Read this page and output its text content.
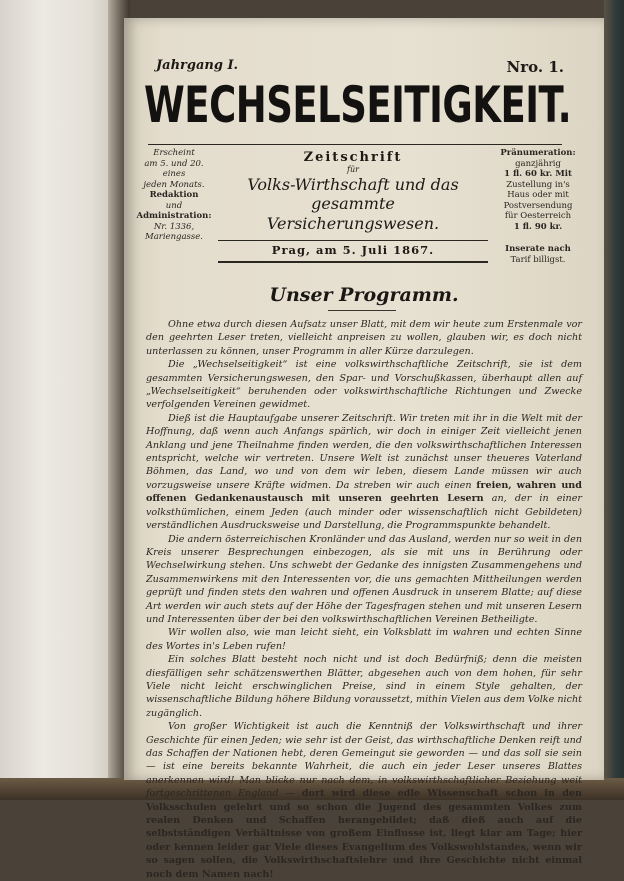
Jahrgang I.	Nro. 1.
WECHSELSEITIGKEIT.
Erscheint
am 5. und 20.
eines
jeden Monats.
Redaktion
und
Administration:
Nr. 1336,
Mariengasse.
Zeitschrift
für
Volks-Wirthschaft und das gesammte
Versicherungswesen.
Pränumeration:
ganzjährig
1 fl. 60 kr. Mit
Zustellung in's
Haus oder mit
Postversendung
für Oesterreich
1 fl. 90 kr.
Inserate nach
Tarif billigst.
Prag, am 5. Juli 1867.
Unser Programm.

Ohne etwa durch diesen Aufsatz unser Blatt, mit dem wir heute zum Erstenmale vor den geehrten Leser treten, vielleicht anpreisen zu wollen, glauben wir, es doch nicht unterlassen zu können, unser Programm in aller Kürze darzulegen.

Die „Wechselseitigkeit“ ist eine volkswirthschaftliche Zeitschrift, sie ist dem gesammten Versicherungswesen, den Spar- und Vorschußkassen, überhaupt allen auf „Wechselseitigkeit“ beruhenden oder volkswirthschaftliche Richtungen und Zwecke verfolgenden Vereinen gewidmet.

Dieß ist die Hauptaufgabe unserer Zeitschrift. Wir treten mit ihr in die Welt mit der Hoffnung, daß wenn auch Anfangs spärlich, wir doch in einiger Zeit vielleicht jenen Anklang und jene Theilnahme finden werden, die den volkswirthschaftlichen Interessen entspricht, welche wir vertreten. Unsere Welt ist zunächst unser theueres Vaterland Böhmen, das Land, wo und von dem wir leben, diesem Lande müssen wir auch vorzugsweise unsere Kräfte widmen. Da streben wir auch einen freien, wahren und offenen Gedankenaustausch mit unseren geehrten Lesern an, der in einer volksthümlichen, einem Jeden (auch minder oder wissenschaftlich nicht Gebildeten) verständlichen Ausdrucksweise und Darstellung, die Programmspunkte behandelt.

Die andern österreichischen Kronländer und das Ausland, werden nur so weit in den Kreis unserer Besprechungen einbezogen, als sie mit uns in Berührung oder Wechselwirkung stehen. Uns schwebt der Gedanke des innigsten Zusammengehens und Zusammenwirkens mit den Interessenten vor, die uns gemachten Mittheilungen werden geprüft und finden stets den wahren und offenen Ausdruck in unserem Blatte; auf diese Art werden wir auch stets auf der Höhe der Tagesfragen stehen und mit unseren Lesern und Interessenten über der bei den volkswirthschaftlichen Vereinen Betheiligte.

Wir wollen also, wie man leicht sieht, ein Volksblatt im wahren und echten Sinne des Wortes in's Leben rufen!

Ein solches Blatt besteht noch nicht und ist doch Bedürfniß; denn die meisten diesfälligen sehr schätzenswerthen Blätter, abgesehen auch von dem hohen, für sehr Viele nicht leicht erschwinglichen Preise, sind in einem Style gehalten, der wissenschaftliche Bildung höhere Bildung voraussetzt, mithin Vielen aus dem Volke nicht zugänglich.

Von großer Wichtigkeit ist auch die Kenntniß der Volkswirthschaft und ihrer Geschichte für einen Jeden; wie sehr ist der Geist, das wirthschaftliche Denken reift und das Schaffen der Nationen hebt, deren Gemeingut sie geworden — und das soll sie sein — ist eine bereits bekannte Wahrheit, die auch ein jeder Leser unseres Blattes anerkennen wird! Man blicke nur nach dem, in volkswirthschaftlicher Beziehung weit fortgeschrittenen England — dort wird diese edle Wissenschaft schon in den Volksschulen gelehrt und so schon die Jugend des gesammten Volkes zum realen Denken und Schaffen herangebildet; daß dieß auch auf die selbstständigen Verhältnisse von großem Einflusse ist, liegt klar am Tage; hier oder kennen leider gar Viele dieses Evangelium des Volkswohlstandes, wenn wir so sagen sollen, die Volkswirthschaftslehre und ihre Geschichte nicht einmal noch dem Namen nach!
